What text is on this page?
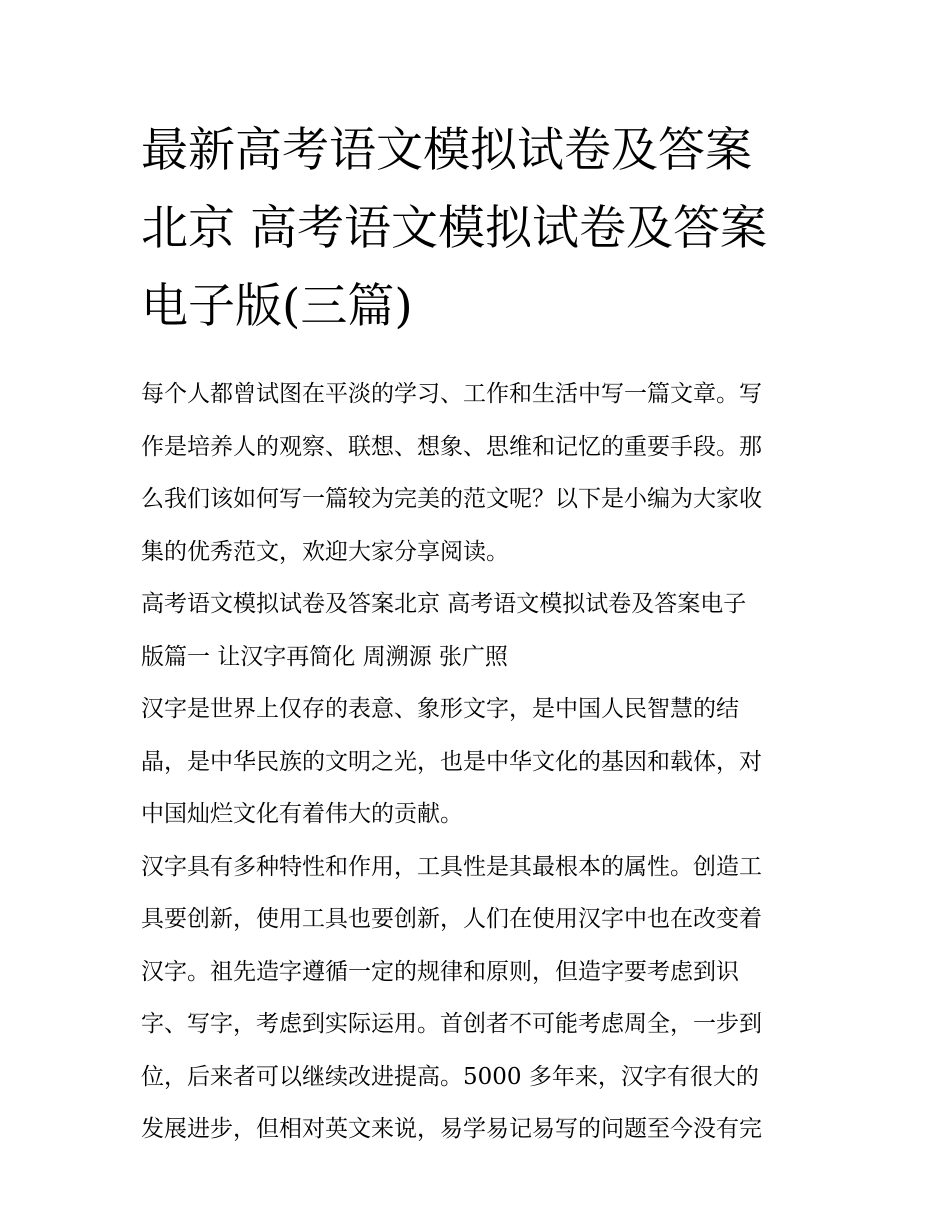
最新高考语文模拟试卷及答案
北京 高考语文模拟试卷及答案
电子版(三篇)

每个人都曾试图在平淡的学习、工作和生活中写一篇文章。写
作是培养人的观察、联想、想象、思维和记忆的重要手段。那
么我们该如何写一篇较为完美的范文呢？以下是小编为大家收
集的优秀范文，欢迎大家分享阅读。

高考语文模拟试卷及答案北京 高考语文模拟试卷及答案电子
版篇一 让汉字再简化 周溯源 张广照

汉字是世界上仅存的表意、象形文字，是中国人民智慧的结
晶，是中华民族的文明之光，也是中华文化的基因和载体，对
中国灿烂文化有着伟大的贡献。

汉字具有多种特性和作用，工具性是其最根本的属性。创造工
具要创新，使用工具也要创新，人们在使用汉字中也在改变着
汉字。祖先造字遵循一定的规律和原则，但造字要考虑到识
字、写字，考虑到实际运用。首创者不可能考虑周全，一步到
位，后来者可以继续改进提高。5000 多年来，汉字有很大的
发展进步，但相对英文来说，易学易记易写的问题至今没有完
